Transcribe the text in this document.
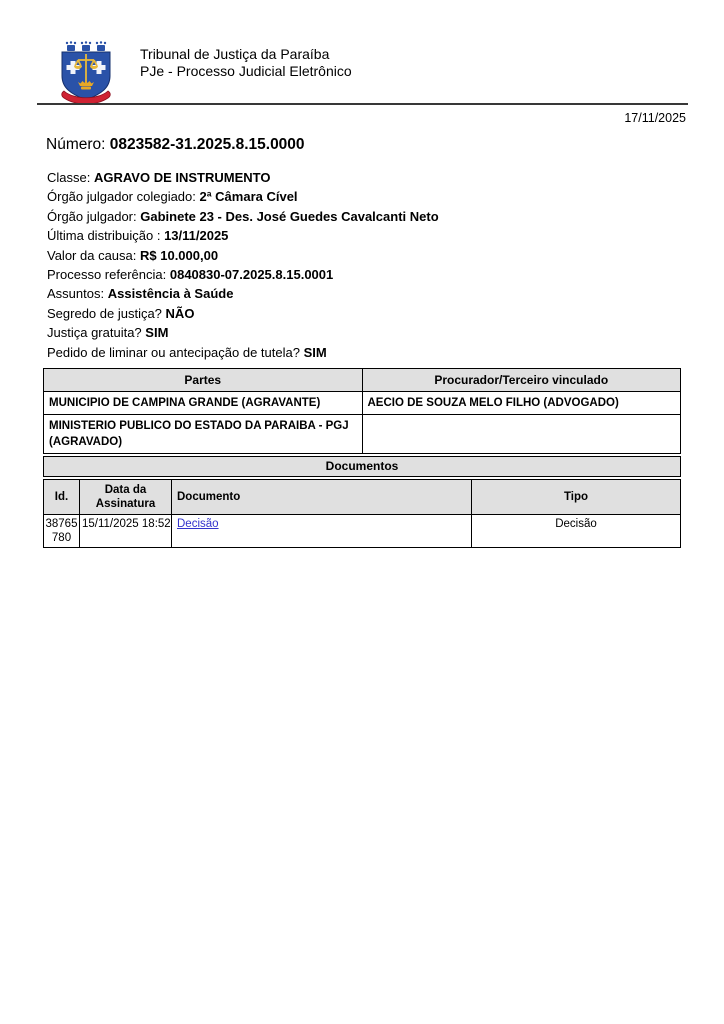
Tribunal de Justiça da Paraíba
PJe - Processo Judicial Eletrônico
17/11/2025
Número: 0823582-31.2025.8.15.0000
Classe: AGRAVO DE INSTRUMENTO
Órgão julgador colegiado: 2ª Câmara Cível
Órgão julgador: Gabinete 23 - Des. José Guedes Cavalcanti Neto
Última distribuição : 13/11/2025
Valor da causa: R$ 10.000,00
Processo referência: 0840830-07.2025.8.15.0001
Assuntos: Assistência à Saúde
Segredo de justiça? NÃO
Justiça gratuita? SIM
Pedido de liminar ou antecipação de tutela? SIM
Partes	Procurador/Terceiro vinculado
MUNICIPIO DE CAMPINA GRANDE (AGRAVANTE)	AECIO DE SOUZA MELO FILHO (ADVOGADO)
MINISTERIO PUBLICO DO ESTADO DA PARAIBA - PGJ (AGRAVADO)	
Documentos
Id.	Data da Assinatura	Documento	Tipo
38765780	15/11/2025 18:52	Decisão	Decisão
